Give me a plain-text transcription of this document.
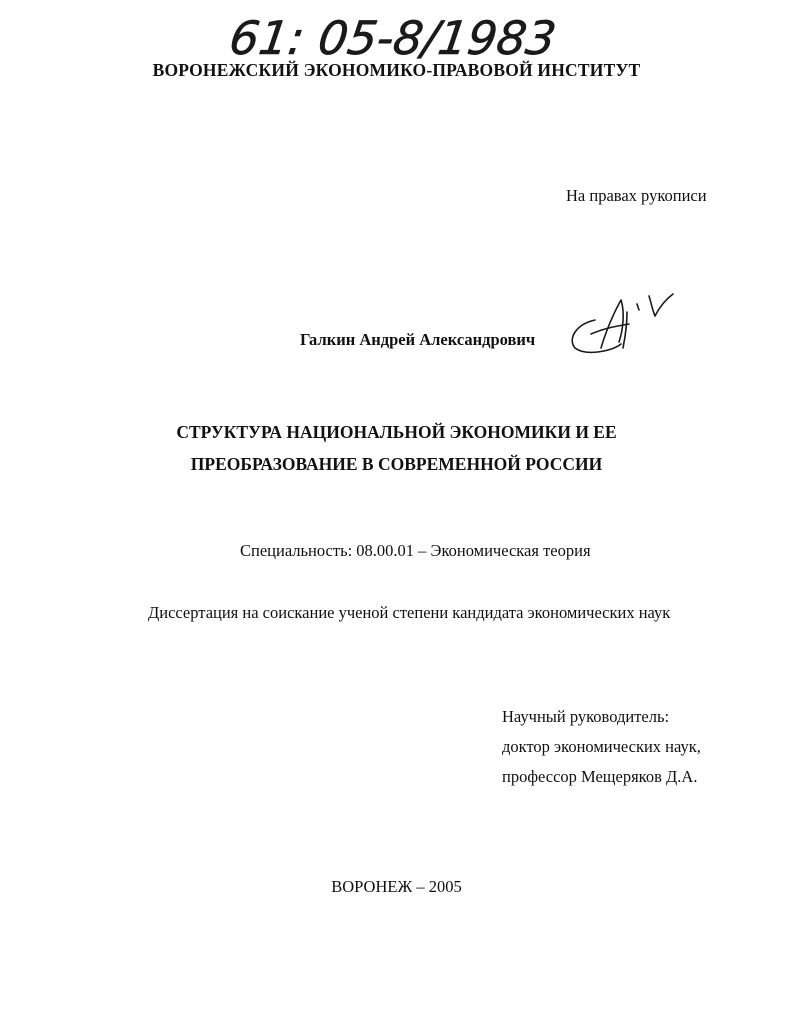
61: 05-8/1983
ВОРОНЕЖСКИЙ ЭКОНОМИКО-ПРАВОВОЙ ИНСТИТУТ
На правах рукописи
Галкин Андрей Александрович
СТРУКТУРА НАЦИОНАЛЬНОЙ ЭКОНОМИКИ И ЕЕ
ПРЕОБРАЗОВАНИЕ В СОВРЕМЕННОЙ РОССИИ
Специальность: 08.00.01 – Экономическая теория
Диссертация на соискание ученой степени кандидата экономических наук
Научный руководитель:
доктор экономических наук,
профессор Мещеряков Д.А.
ВОРОНЕЖ – 2005
